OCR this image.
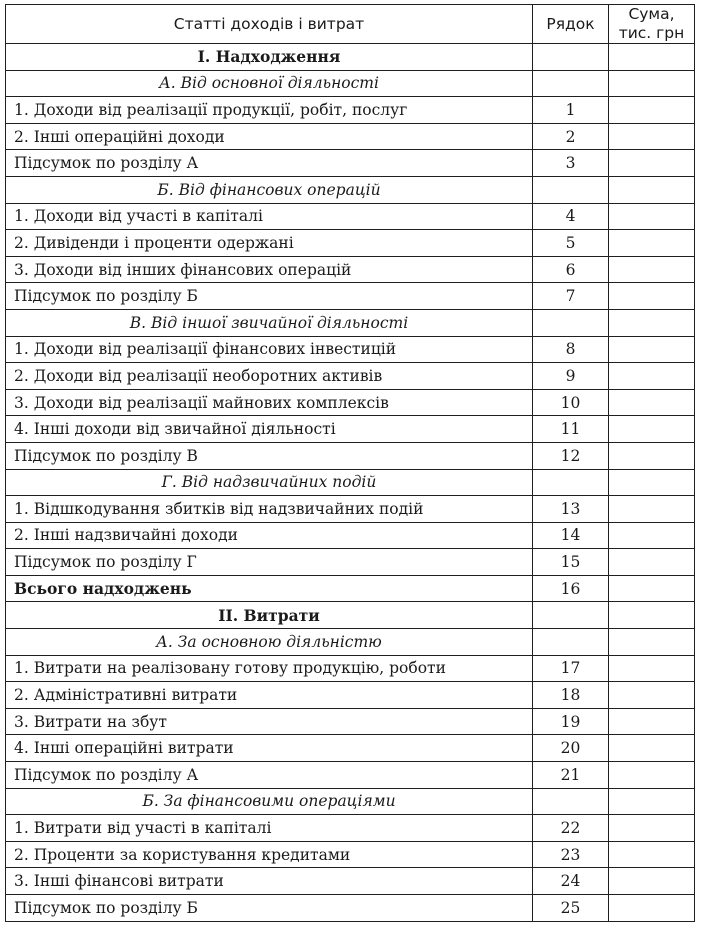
Статті доходів і витрат	Рядок	Сума,
тис. грн
І. Надходження		
А. Від основної діяльності		
1. Доходи від реалізації продукції, робіт, послуг	1	
2. Інші операційні доходи	2	
Підсумок по розділу А	3	
Б. Від фінансових операцій		
1. Доходи від участі в капіталі	4	
2. Дивіденди і проценти одержані	5	
3. Доходи від інших фінансових операцій	6	
Підсумок по розділу Б	7	
В. Від іншої звичайної діяльності		
1. Доходи від реалізації фінансових інвестицій	8	
2. Доходи від реалізації необоротних активів	9	
3. Доходи від реалізації майнових комплексів	10	
4. Інші доходи від звичайної діяльності	11	
Підсумок по розділу В	12	
Г. Від надзвичайних подій		
1. Відшкодування збитків від надзвичайних подій	13	
2. Інші надзвичайні доходи	14	
Підсумок по розділу Г	15	
Всього надходжень	16	
ІІ. Витрати		
А. За основною діяльністю		
1. Витрати на реалізовану готову продукцію, роботи	17	
2. Адміністративні витрати	18	
3. Витрати на збут	19	
4. Інші операційні витрати	20	
Підсумок по розділу А	21	
Б. За фінансовими операціями		
1. Витрати від участі в капіталі	22	
2. Проценти за користування кредитами	23	
3. Інші фінансові витрати	24	
Підсумок по розділу Б	25	
